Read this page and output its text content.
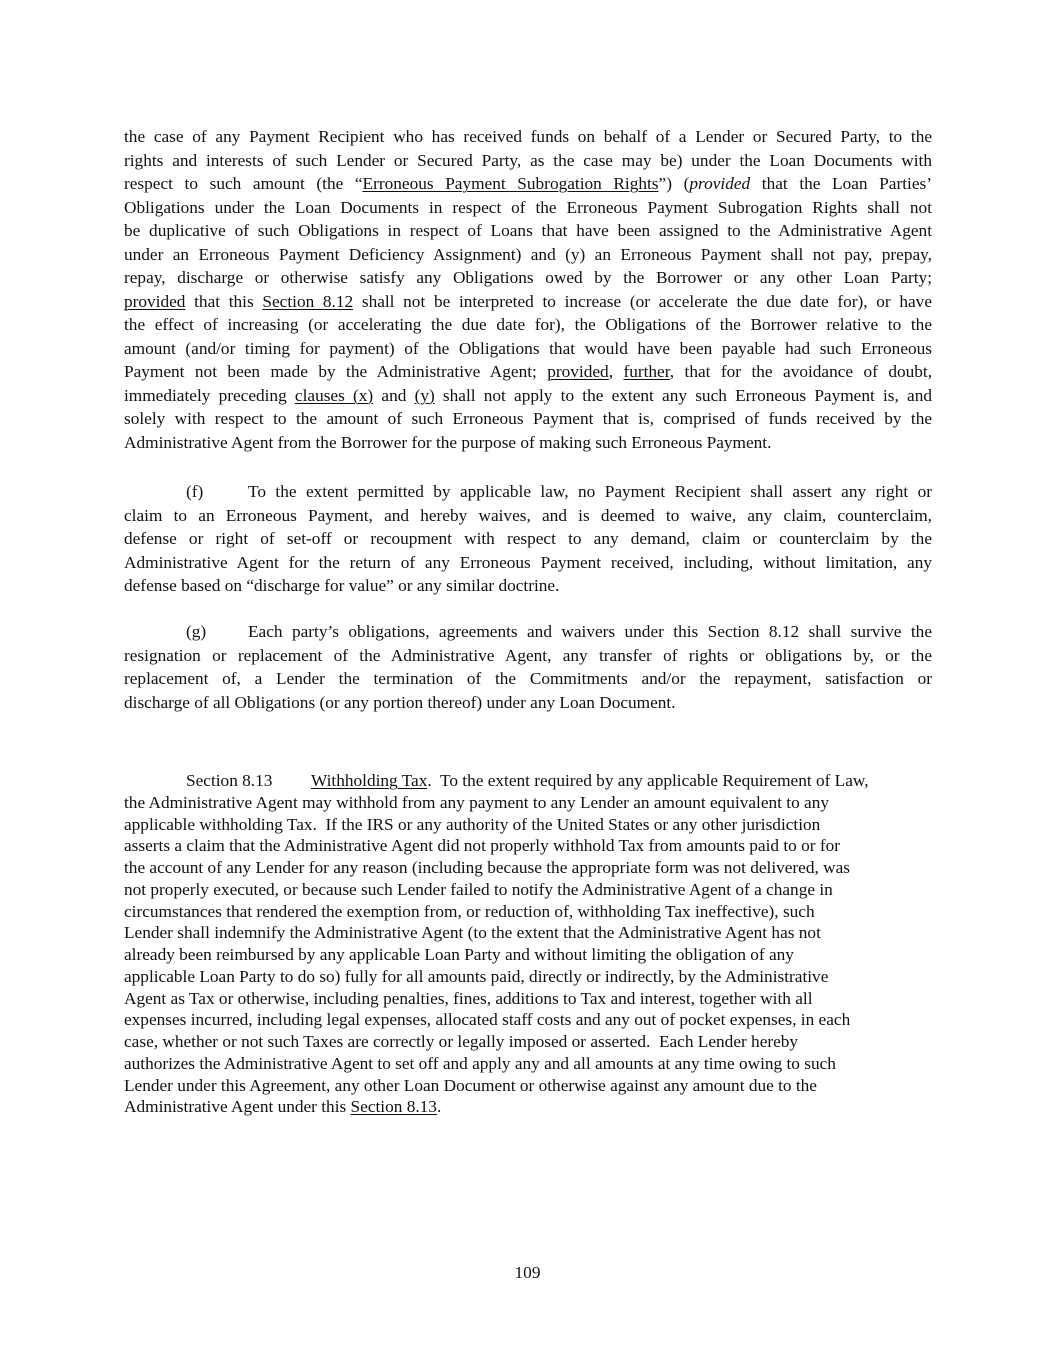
the case of any Payment Recipient who has received funds on behalf of a Lender or Secured Party, to the
rights and interests of such Lender or Secured Party, as the case may be) under the Loan Documents with
respect to such amount (the “Erroneous Payment Subrogation Rights”) (provided that the Loan Parties’
Obligations under the Loan Documents in respect of the Erroneous Payment Subrogation Rights shall not
be duplicative of such Obligations in respect of Loans that have been assigned to the Administrative Agent
under an Erroneous Payment Deficiency Assignment) and (y) an Erroneous Payment shall not pay, prepay,
repay, discharge or otherwise satisfy any Obligations owed by the Borrower or any other Loan Party;
provided that this Section 8.12 shall not be interpreted to increase (or accelerate the due date for), or have
the effect of increasing (or accelerating the due date for), the Obligations of the Borrower relative to the
amount (and/or timing for payment) of the Obligations that would have been payable had such Erroneous
Payment not been made by the Administrative Agent; provided, further, that for the avoidance of doubt,
immediately preceding clauses (x) and (y) shall not apply to the extent any such Erroneous Payment is, and
solely with respect to the amount of such Erroneous Payment that is, comprised of funds received by the
Administrative Agent from the Borrower for the purpose of making such Erroneous Payment.
(f)	To the extent permitted by applicable law, no Payment Recipient shall assert any right or
claim to an Erroneous Payment, and hereby waives, and is deemed to waive, any claim, counterclaim,
defense or right of set-off or recoupment with respect to any demand, claim or counterclaim by the
Administrative Agent for the return of any Erroneous Payment received, including, without limitation, any
defense based on “discharge for value” or any similar doctrine.
(g) Each party’s obligations, agreements and waivers under this Section 8.12 shall survive the
resignation or replacement of the Administrative Agent, any transfer of rights or obligations by, or the
replacement of, a Lender the termination of the Commitments and/or the repayment, satisfaction or
discharge of all Obligations (or any portion thereof) under any Loan Document.
Section 8.13 Withholding Tax.  To the extent required by any applicable Requirement of Law,
the Administrative Agent may withhold from any payment to any Lender an amount equivalent to any
applicable withholding Tax.  If the IRS or any authority of the United States or any other jurisdiction
asserts a claim that the Administrative Agent did not properly withhold Tax from amounts paid to or for
the account of any Lender for any reason (including because the appropriate form was not delivered, was
not properly executed, or because such Lender failed to notify the Administrative Agent of a change in
circumstances that rendered the exemption from, or reduction of, withholding Tax ineffective), such
Lender shall indemnify the Administrative Agent (to the extent that the Administrative Agent has not
already been reimbursed by any applicable Loan Party and without limiting the obligation of any
applicable Loan Party to do so) fully for all amounts paid, directly or indirectly, by the Administrative
Agent as Tax or otherwise, including penalties, fines, additions to Tax and interest, together with all
expenses incurred, including legal expenses, allocated staff costs and any out of pocket expenses, in each
case, whether or not such Taxes are correctly or legally imposed or asserted.  Each Lender hereby
authorizes the Administrative Agent to set off and apply any and all amounts at any time owing to such
Lender under this Agreement, any other Loan Document or otherwise against any amount due to the
Administrative Agent under this Section 8.13.
109
